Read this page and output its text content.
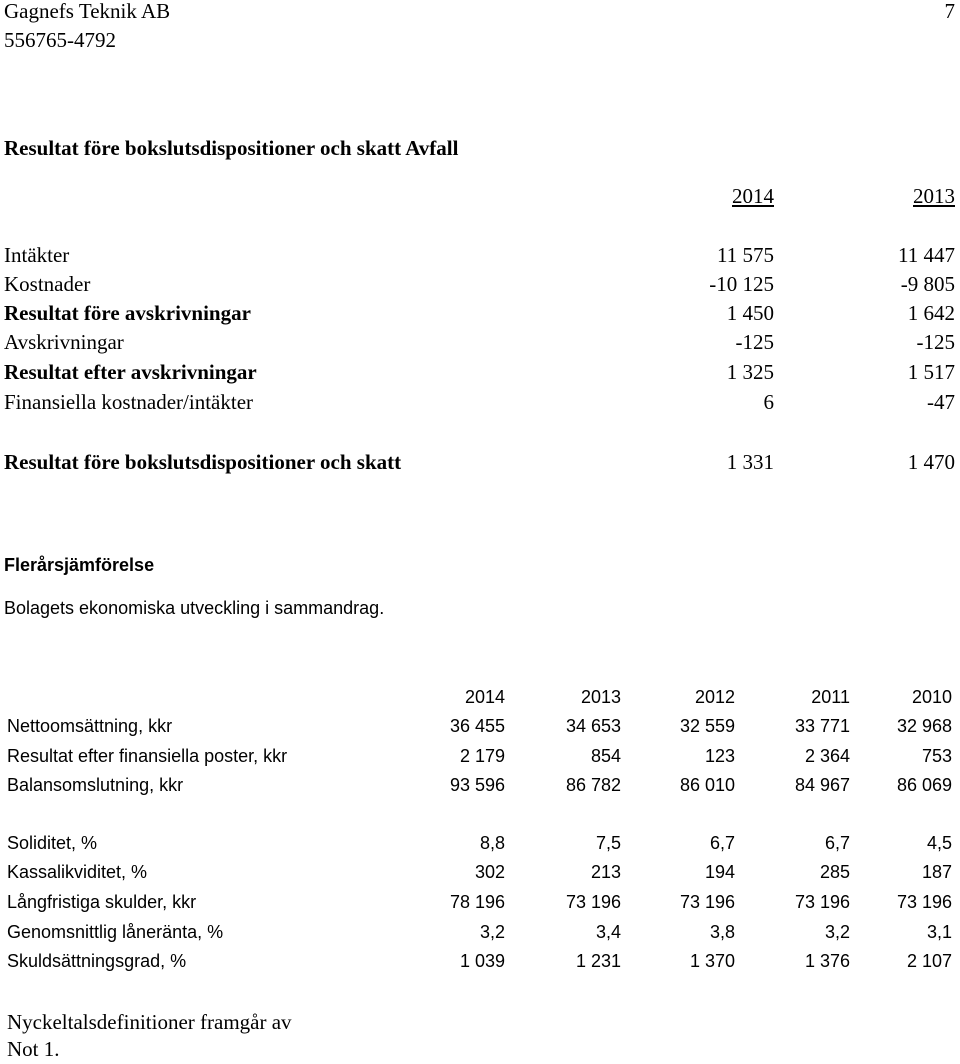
Gagnefs Teknik AB
556765-4792
7
Resultat före bokslutsdispositioner och skatt Avfall
2014	2013
Intäkter	11 575	11 447
Kostnader	-10 125	-9 805
Resultat före avskrivningar	1 450	1 642
Avskrivningar	-125	-125
Resultat efter avskrivningar	1 325	1 517
Finansiella kostnader/intäkter	6	-47
Resultat före bokslutsdispositioner och skatt	1 331	1 470
Flerårsjämförelse
Bolagets ekonomiska utveckling i sammandrag.
2014	2013	2012	2011	2010
Nettoomsättning, kkr	36 455	34 653	32 559	33 771	32 968
Resultat efter finansiella poster, kkr	2 179	854	123	2 364	753
Balansomslutning, kkr	93 596	86 782	86 010	84 967	86 069
Soliditet, %	8,8	7,5	6,7	6,7	4,5
Kassalikviditet, %	302	213	194	285	187
Långfristiga skulder, kkr	78 196	73 196	73 196	73 196	73 196
Genomsnittlig låneränta, %	3,2	3,4	3,8	3,2	3,1
Skuldsättningsgrad, %	1 039	1 231	1 370	1 376	2 107
Nyckeltalsdefinitioner framgår av
Not 1.
